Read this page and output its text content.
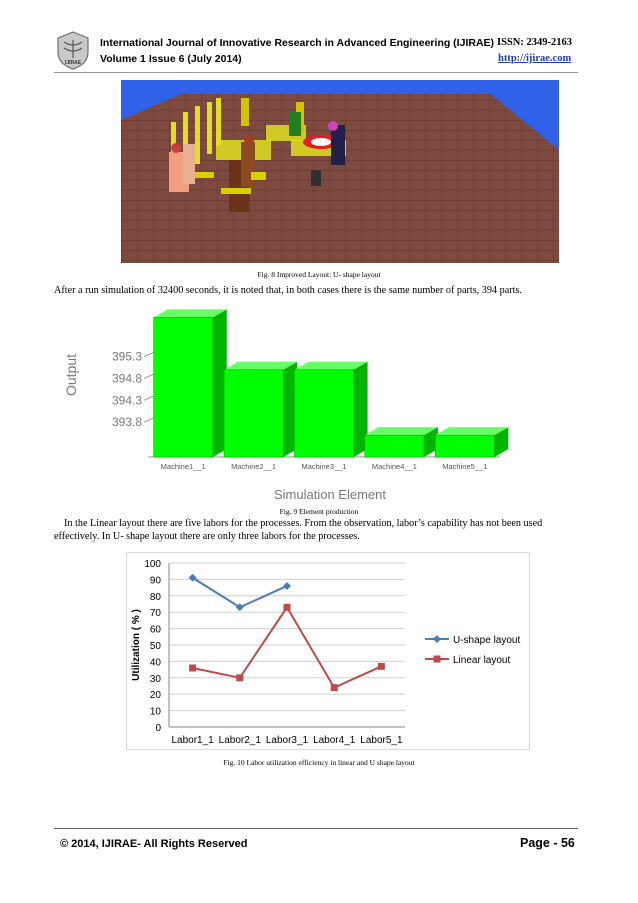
IJIRAE
International Journal of Innovative Research in Advanced Engineering (IJIRAE) ISSN: 2349-2163
Volume 1 Issue 6 (July 2014)	http://ijirae.com
Fig. 8 Improved Layout: U- shape layout
After a run simulation of 32400 seconds, it is noted that, in both cases there is the same number of parts, 394 parts.
393.8
394.3
394.8
395.3
Machine1__1	Machine2__1	Machine3__1	Machine4__1	Machine5__1
Output
Simulation Element
Fig. 9 Element production
In the Linear layout there are five labors for the processes. From the observation, labor’s capability has not been used
effectively. In U- shape layout there are only three labors for the processes.
0
10
20
30
40
50
60
70
80
90
100
Labor1_1 Labor2_1 Labor3_1 Labor4_1 Labor5_1
U-shape layout
Linear layout
Utilization ( % )
Fig. 10 Labor utilization efficiency in linear and U shape layout
© 2014, IJIRAE- All Rights Reserved	Page - 56
